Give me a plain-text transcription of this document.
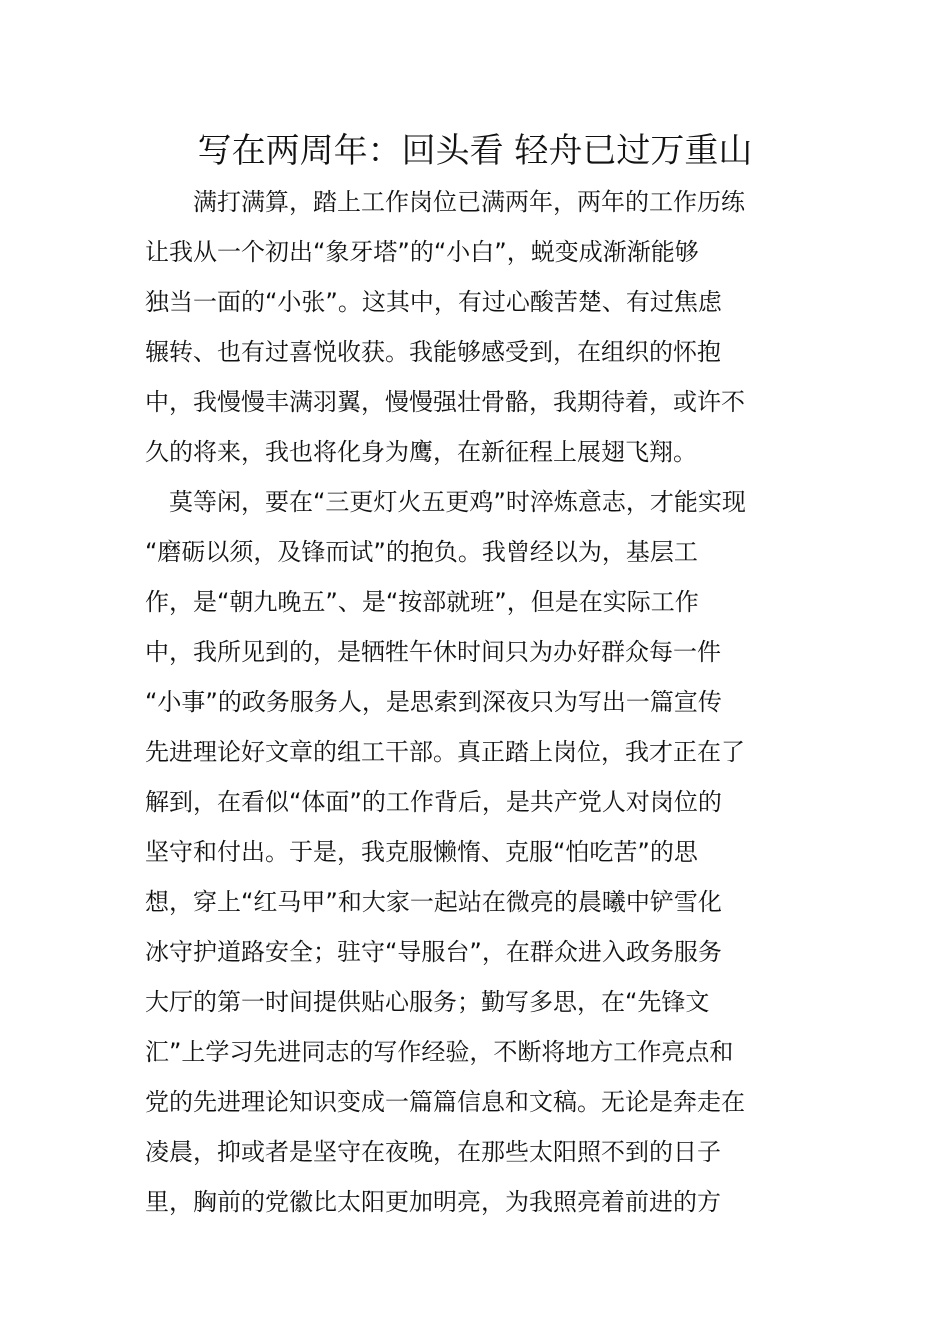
写在两周年：回头看 轻舟已过万重山
　　满打满算，踏上工作岗位已满两年，两年的工作历练
让我从一个初出“象牙塔”的“小白”，蜕变成渐渐能够
独当一面的“小张”。这其中，有过心酸苦楚、有过焦虑
辗转、也有过喜悦收获。我能够感受到，在组织的怀抱
中，我慢慢丰满羽翼，慢慢强壮骨骼，我期待着，或许不
久的将来，我也将化身为鹰，在新征程上展翅飞翔。
　莫等闲，要在“三更灯火五更鸡”时淬炼意志，才能实现
“磨砺以须，及锋而试”的抱负。我曾经以为，基层工
作，是“朝九晚五”、是“按部就班”，但是在实际工作
中，我所见到的，是牺牲午休时间只为办好群众每一件
“小事”的政务服务人，是思索到深夜只为写出一篇宣传
先进理论好文章的组工干部。真正踏上岗位，我才正在了
解到，在看似“体面”的工作背后，是共产党人对岗位的
坚守和付出。于是，我克服懒惰、克服“怕吃苦”的思
想，穿上“红马甲”和大家一起站在微亮的晨曦中铲雪化
冰守护道路安全；驻守“导服台”，在群众进入政务服务
大厅的第一时间提供贴心服务；勤写多思，在“先锋文
汇”上学习先进同志的写作经验，不断将地方工作亮点和
党的先进理论知识变成一篇篇信息和文稿。无论是奔走在
凌晨，抑或者是坚守在夜晚，在那些太阳照不到的日子
里，胸前的党徽比太阳更加明亮，为我照亮着前进的方
